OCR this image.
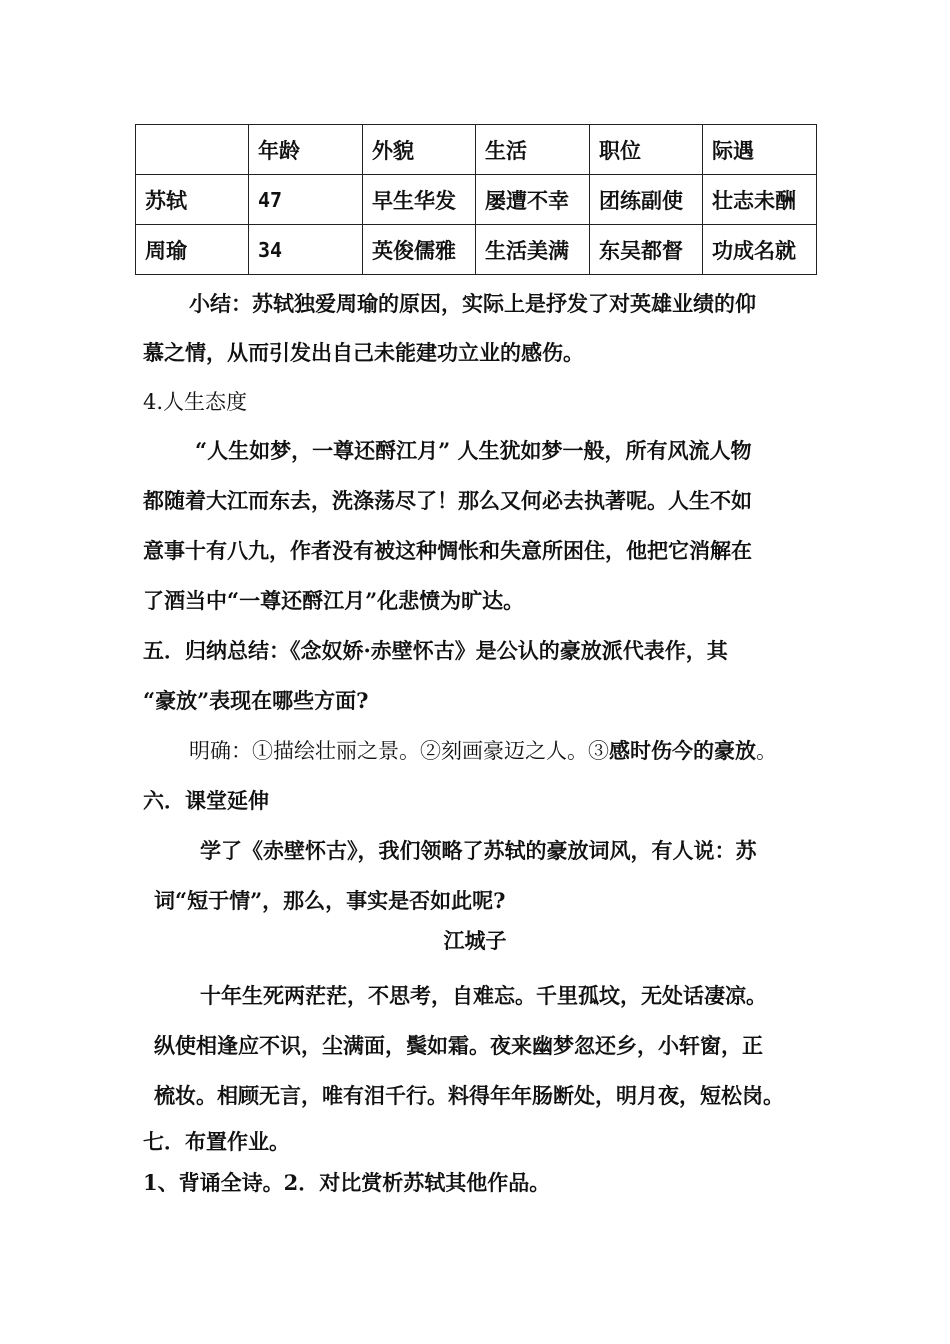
	年龄	外貌	生活	职位	际遇
苏轼	47	早生华发	屡遭不幸	团练副使	壮志未酬
周瑜	34	英俊儒雅	生活美满	东吴都督	功成名就
小结：苏轼独爱周瑜的原因，实际上是抒发了对英雄业绩的仰
慕之情，从而引发出自己未能建功立业的感伤。
4.人生态度
“人生如梦，一尊还酹江月” 人生犹如梦一般，所有风流人物
都随着大江而东去，洗涤荡尽了！那么又何必去执著呢。人生不如
意事十有八九，作者没有被这种惆怅和失意所困住，他把它消解在
了酒当中“一尊还酹江月”化悲愤为旷达。
五．归纳总结：《念奴娇·赤壁怀古》是公认的豪放派代表作，其
“豪放”表现在哪些方面?
明确：①描绘壮丽之景。②刻画豪迈之人。③感时伤今的豪放。
六．课堂延伸
学了《赤壁怀古》，我们领略了苏轼的豪放词风，有人说：苏
词“短于情”，那么，事实是否如此呢?
江城子
十年生死两茫茫，不思考，自难忘。千里孤坟，无处话凄凉。
纵使相逢应不识，尘满面，鬓如霜。夜来幽梦忽还乡，小轩窗，正
梳妆。相顾无言，唯有泪千行。料得年年肠断处，明月夜，短松岗。
七．布置作业。
1、背诵全诗。2．对比赏析苏轼其他作品。
